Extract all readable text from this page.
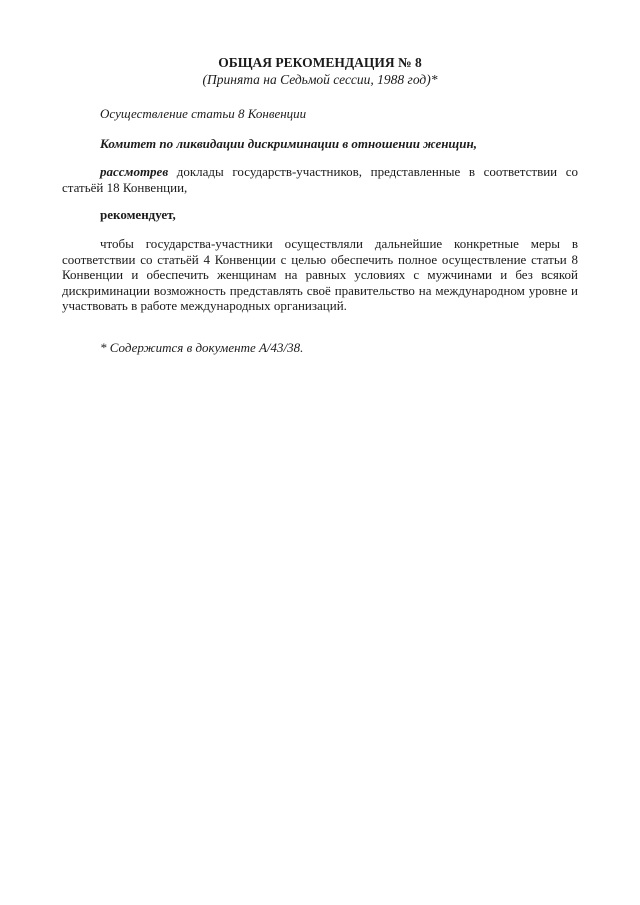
ОБЩАЯ РЕКОМЕНДАЦИЯ № 8
(Принята на Седьмой сессии, 1988 год)*

Осуществление статьи 8 Конвенции

Комитет по ликвидации дискриминации в отношении женщин,

рассмотрев доклады государств-участников, представленные в соответствии со статьёй 18 Конвенции,

рекомендует,

чтобы государства-участники осуществляли дальнейшие конкретные меры в соответствии со статьёй 4 Конвенции с целью обеспечить полное осуществление статьи 8 Конвенции и обеспечить женщинам на равных условиях с мужчинами и без всякой дискриминации возможность представлять своё правительство на международном уровне и участвовать в работе международных организаций.

* Содержится в документе A/43/38.
